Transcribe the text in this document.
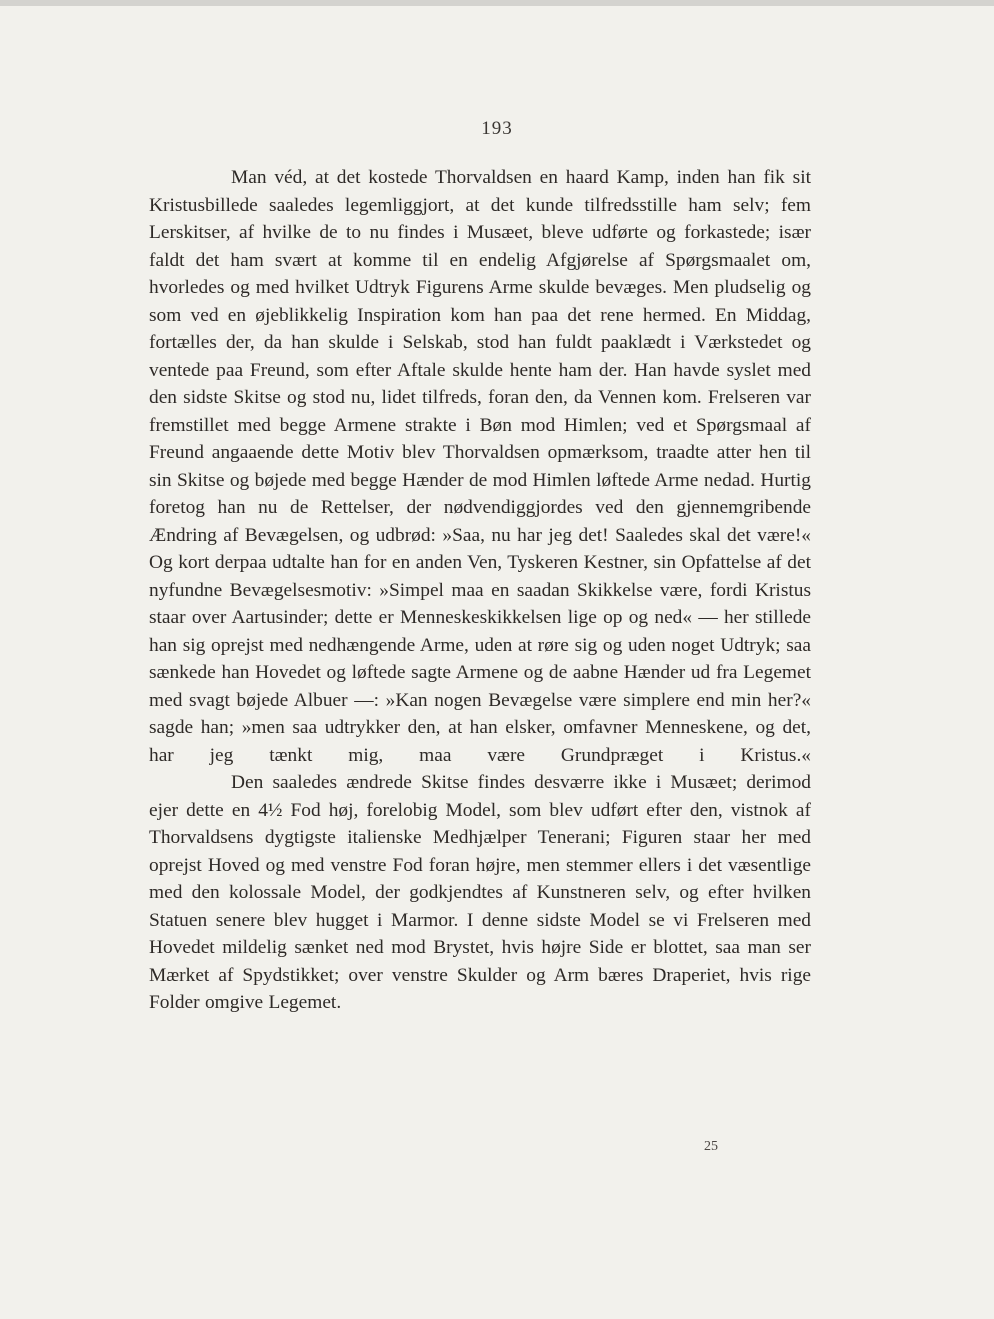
193

Man véd, at det kostede Thorvaldsen en haard Kamp, inden han fik sit Kristusbillede saaledes legemliggjort, at det kunde tilfredsstille ham selv; fem Lerskitser, af hvilke de to nu findes i Musæet, bleve udførte og forkastede; især faldt det ham svært at komme til en endelig Afgjørelse af Spørgsmaalet om, hvorledes og med hvilket Udtryk Figurens Arme skulde bevæges. Men pludselig og som ved en øjeblikkelig Inspiration kom han paa det rene hermed. En Middag, fortælles der, da han skulde i Selskab, stod han fuldt paaklædt i Værkstedet og ventede paa Freund, som efter Aftale skulde hente ham der. Han havde syslet med den sidste Skitse og stod nu, lidet tilfreds, foran den, da Vennen kom. Frelseren var fremstillet med begge Armene strakte i Bøn mod Himlen; ved et Spørgsmaal af Freund angaaende dette Motiv blev Thorvaldsen opmærksom, traadte atter hen til sin Skitse og bøjede med begge Hænder de mod Himlen løftede Arme nedad. Hurtig foretog han nu de Rettelser, der nødvendiggjordes ved den gjennemgribende Ændring af Bevægelsen, og udbrød: »Saa, nu har jeg det! Saaledes skal det være!« Og kort derpaa udtalte han for en anden Ven, Tyskeren Kestner, sin Opfattelse af det nyfundne Bevægelsesmotiv: »Simpel maa en saadan Skikkelse være, fordi Kristus staar over Aartusinder; dette er Menneskeskikkelsen lige op og ned« — her stillede han sig oprejst med nedhængende Arme, uden at røre sig og uden noget Udtryk; saa sænkede han Hovedet og løftede sagte Armene og de aabne Hænder ud fra Legemet med svagt bøjede Albuer —: »Kan nogen Bevægelse være simplere end min her?« sagde han; »men saa udtrykker den, at han elsker, omfavner Menneskene, og det, har jeg tænkt mig, maa være Grundpræget i Kristus.«

Den saaledes ændrede Skitse findes desværre ikke i Musæet; derimod ejer dette en 4½ Fod høj, forelobig Model, som blev udført efter den, vistnok af Thorvaldsens dygtigste italienske Medhjælper Tenerani; Figuren staar her med oprejst Hoved og med venstre Fod foran højre, men stemmer ellers i det væsentlige med den kolossale Model, der godkjendtes af Kunstneren selv, og efter hvilken Statuen senere blev hugget i Marmor. I denne sidste Model se vi Frelseren med Hovedet mildelig sænket ned mod Brystet, hvis højre Side er blottet, saa man ser Mærket af Spydstikket; over venstre Skulder og Arm bæres Draperiet, hvis rige Folder omgive Legemet.

25
